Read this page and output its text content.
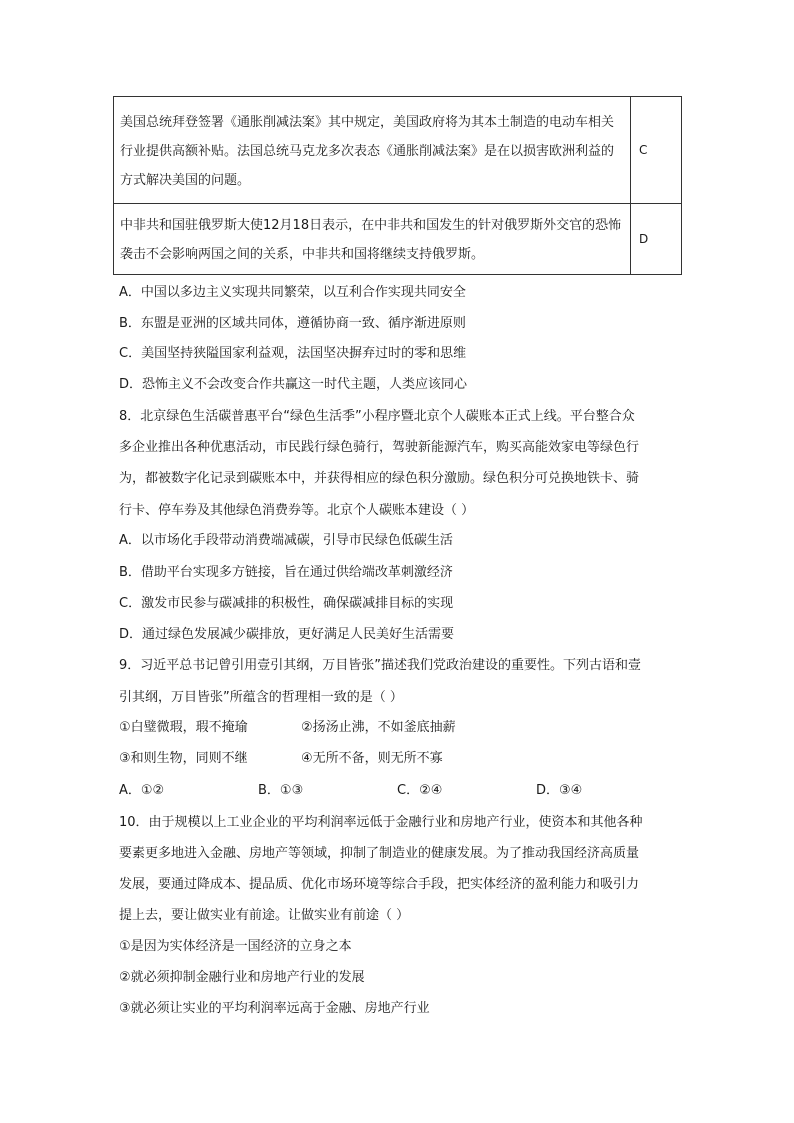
美国总统拜登签署《通胀削减法案》其中规定，美国政府将为其本土制造的电动车相关行业提供高额补贴。法国总统马克龙多次表态《通胀削减法案》是在以损害欧洲利益的方式解决美国的问题。	C
中非共和国驻俄罗斯大使12月18日表示，在中非共和国发生的针对俄罗斯外交官的恐怖袭击不会影响两国之间的关系，中非共和国将继续支持俄罗斯。	D
A．中国以多边主义实现共同繁荣，以互利合作实现共同安全
B．东盟是亚洲的区域共同体，遵循协商一致、循序渐进原则
C．美国坚持狭隘国家利益观，法国坚决摒弃过时的零和思维
D．恐怖主义不会改变合作共赢这一时代主题，人类应该同心
8．北京绿色生活碳普惠平台“绿色生活季”小程序暨北京个人碳账本正式上线。平台整合众
多企业推出各种优惠活动，市民践行绿色骑行，驾驶新能源汽车，购买高能效家电等绿色行
为，都被数字化记录到碳账本中，并获得相应的绿色积分激励。绿色积分可兑换地铁卡、骑
行卡、停车券及其他绿色消费券等。北京个人碳账本建设（ ）
A．以市场化手段带动消费端减碳，引导市民绿色低碳生活
B．借助平台实现多方链接，旨在通过供给端改革刺激经济
C．激发市民参与碳减排的积极性，确保碳减排目标的实现
D．通过绿色发展减少碳排放，更好满足人民美好生活需要
9．习近平总书记曾引用壹引其纲，万目皆张”描述我们党政治建设的重要性。下列古语和壹
引其纲，万目皆张”所蕴含的哲理相一致的是（ ）
①白璧微瑕，瑕不掩瑜	②扬汤止沸，不如釜底抽薪
③和则生物，同则不继	④无所不备，则无所不寡
A．①②	B．①③	C．②④	D．③④
10．由于规模以上工业企业的平均利润率远低于金融行业和房地产行业，使资本和其他各种
要素更多地进入金融、房地产等领域，抑制了制造业的健康发展。为了推动我国经济高质量
发展，要通过降成本、提品质、优化市场环境等综合手段，把实体经济的盈利能力和吸引力
提上去，要让做实业有前途。让做实业有前途（ ）
①是因为实体经济是一国经济的立身之本
②就必须抑制金融行业和房地产行业的发展
③就必须让实业的平均利润率远高于金融、房地产行业
